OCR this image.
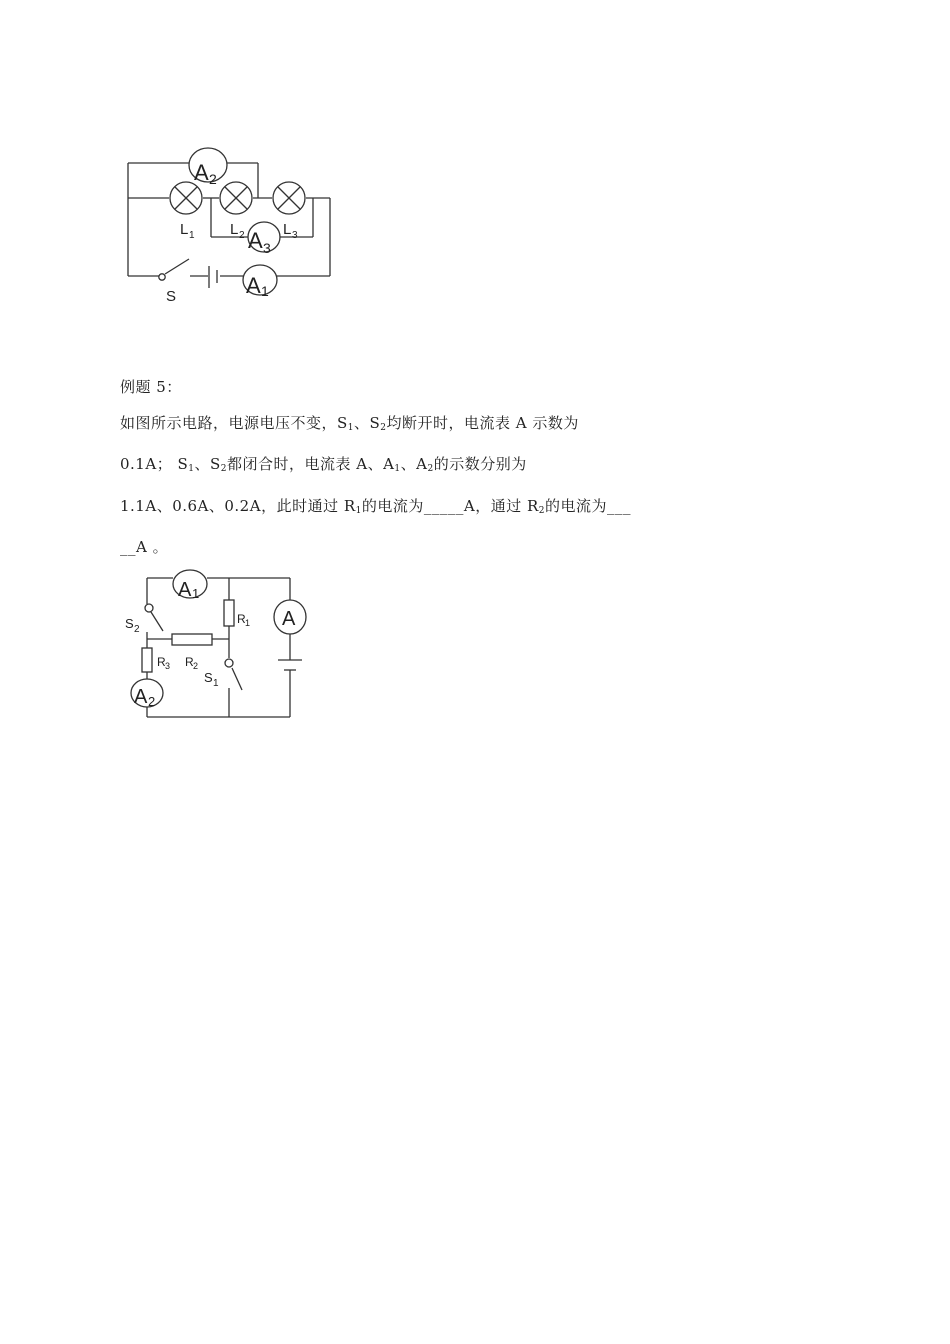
A 2
A 3
A 1
L 1 L 2	L 3
S
例题 5：
如图所示电路，电源电压不变，$S_1$、$S_2$均断开时，电流表 A 示数为
0.1A； $S_1$、$S_2$都闭合时，电流表 A、$A_1$、$A_2$的示数分别为
1.1A、0.6A、0.2A，此时通过 $R_1$的电流为_____A，通过 $R_2$的电流为___
__A 。
A 1
A
A 2
R 1
R 2
R 3
S 1
S 2
